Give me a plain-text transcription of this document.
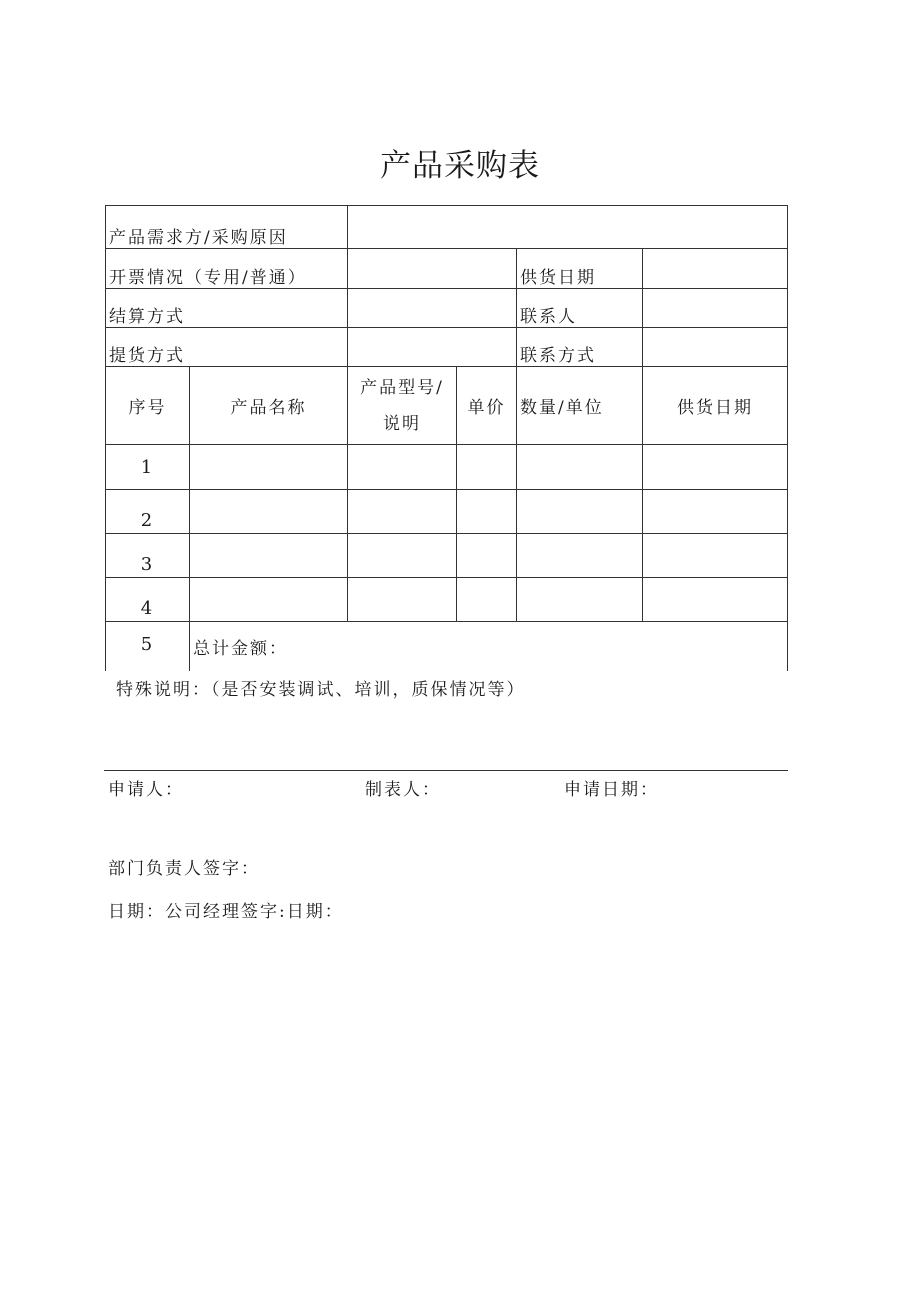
产品采购表
产品需求方/采购原因					
开票情况（专用/普通）				供货日期	
结算方式				联系人	
提货方式				联系方式	
序号	产品名称	产品型号/说明	单价	数量/单位	供货日期
1					
2					
3					
4					
5	总计金额：				
特殊说明：（是否安装调试、培训，质保情况等）
申请人：	制表人：	申请日期：
部门负责人签字：
日期：公司经理签字:日期：
